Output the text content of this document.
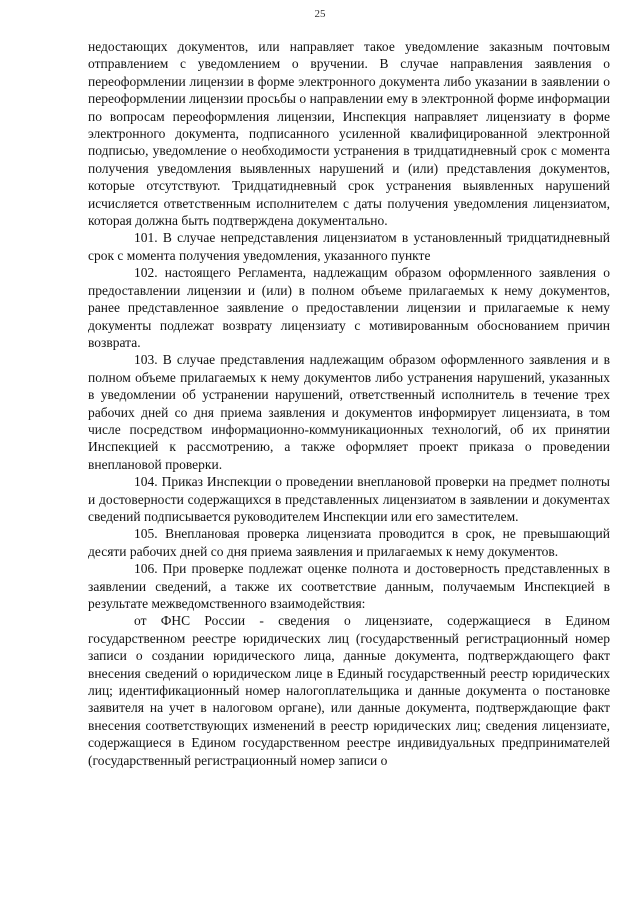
25

недостающих документов, или направляет такое уведомление заказным почтовым отправлением с уведомлением о вручении. В случае направления заявления о переоформлении лицензии в форме электронного документа либо указании в заявлении о переоформлении лицензии просьбы о направлении ему в электронной форме информации по вопросам переоформления лицензии, Инспекция направляет лицензиату в форме электронного документа, подписанного усиленной квалифицированной электронной подписью, уведомление о необходимости устранения в тридцатидневный срок с момента получения уведомления выявленных нарушений и (или) представления документов, которые отсутствуют. Тридцатидневный срок устранения выявленных нарушений исчисляется ответственным исполнителем с даты получения уведомления лицензиатом, которая должна быть подтверждена документально.

101. В случае непредставления лицензиатом в установленный тридцатидневный срок с момента получения уведомления, указанного пункте

102. настоящего Регламента, надлежащим образом оформленного заявления о предоставлении лицензии и (или) в полном объеме прилагаемых к нему документов, ранее представленное заявление о предоставлении лицензии и прилагаемые к нему документы подлежат возврату лицензиату с мотивированным обоснованием причин возврата.

103. В случае представления надлежащим образом оформленного заявления и в полном объеме прилагаемых к нему документов либо устранения нарушений, указанных в уведомлении об устранении нарушений, ответственный исполнитель в течение трех рабочих дней со дня приема заявления и документов информирует лицензиата, в том числе посредством информационно-коммуникационных технологий, об их принятии Инспекцией к рассмотрению, а также оформляет проект приказа о проведении внеплановой проверки.

104. Приказ Инспекции о проведении внеплановой проверки на предмет полноты и достоверности содержащихся в представленных лицензиатом в заявлении и документах сведений подписывается руководителем Инспекции или его заместителем.

105. Внеплановая проверка лицензиата проводится в срок, не превышающий десяти рабочих дней со дня приема заявления и прилагаемых к нему документов.

106. При проверке подлежат оценке полнота и достоверность представленных в заявлении сведений, а также их соответствие данным, получаемым Инспекцией в результате межведомственного взаимодействия:

от ФНС России - сведения о лицензиате, содержащиеся в Едином государственном реестре юридических лиц (государственный регистрационный номер записи о создании юридического лица, данные документа, подтверждающего факт внесения сведений о юридическом лице в Единый государственный реестр юридических лиц; идентификационный номер налогоплательщика и данные документа о постановке заявителя на учет в налоговом органе), или данные документа, подтверждающие факт внесения соответствующих изменений в реестр юридических лиц; сведения лицензиате, содержащиеся в Едином государственном реестре индивидуальных предпринимателей (государственный регистрационный номер записи о
